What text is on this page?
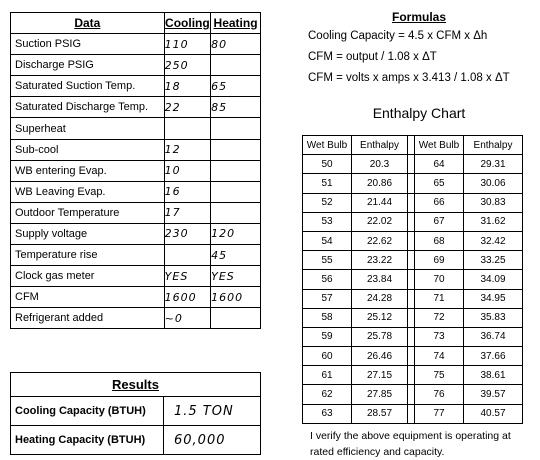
Data	Cooling	Heating
Suction PSIG	110	80
Discharge PSIG	250	
Saturated Suction Temp.	18	65
Saturated Discharge Temp.	22	85
Superheat		
Sub-cool	12	
WB entering Evap.	10	
WB Leaving Evap.	16	
Outdoor Temperature	17	
Supply voltage	230	120
Temperature rise		45
Clock gas meter	YES	YES
CFM	1600	1600
Refrigerant added	~0	
Results
Cooling Capacity (BTUH)	1.5 TON
Heating Capacity (BTUH)	60,000
Formulas
Cooling Capacity = 4.5 x CFM x Δh
CFM = output / 1.08 x ΔT
CFM = volts x amps x 3.413 / 1.08 x ΔT
Enthalpy Chart
Wet Bulb	Enthalpy		Wet Bulb	Enthalpy
50	20.3		64	29.31
51	20.86		65	30.06
52	21.44		66	30.83
53	22.02		67	31.62
54	22.62		68	32.42
55	23.22		69	33.25
56	23.84		70	34.09
57	24.28		71	34.95
58	25.12		72	35.83
59	25.78		73	36.74
60	26.46		74	37.66
61	27.15		75	38.61
62	27.85		76	39.57
63	28.57		77	40.57
I verify the above equipment is operating at rated efficiency and capacity.
